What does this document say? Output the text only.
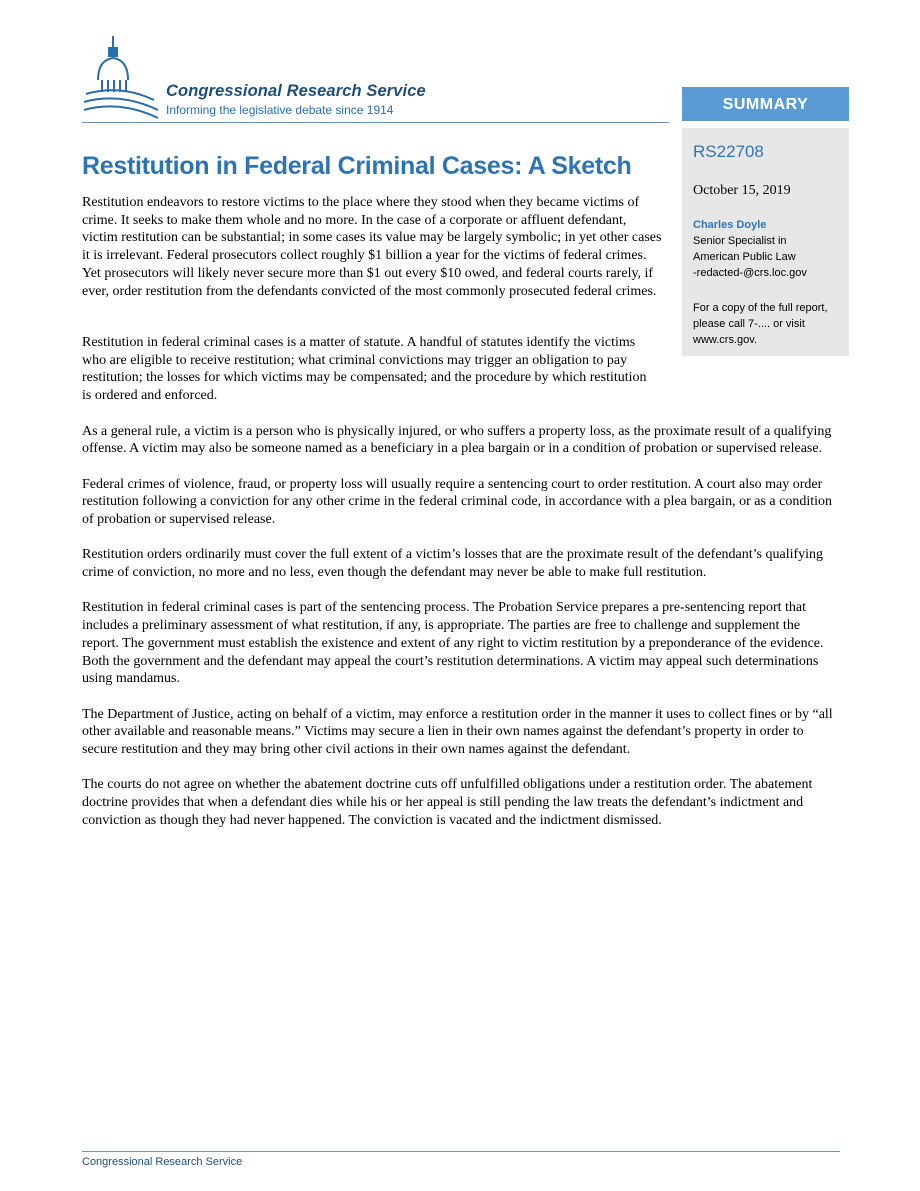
Congressional Research Service
Informing the legislative debate since 1914	SUMMARY
RS22708
October 15, 2019
Charles Doyle
Senior Specialist in
American Public Law
-redacted-@crs.loc.gov
For a copy of the full report, please call 7-.... or visit www.crs.gov.
Restitution in Federal Criminal Cases: A Sketch

Restitution endeavors to restore victims to the place where they stood when they became victims of crime. It seeks to make them whole and no more. In the case of a corporate or affluent defendant, victim restitution can be substantial; in some cases its value may be largely symbolic; in yet other cases it is irrelevant. Federal prosecutors collect roughly $1 billion a year for the victims of federal crimes. Yet prosecutors will likely never secure more than $1 out every $10 owed, and federal courts rarely, if ever, order restitution from the defendants convicted of the most commonly prosecuted federal crimes.

Restitution in federal criminal cases is a matter of statute. A handful of statutes identify the victims who are eligible to receive restitution; what criminal convictions may trigger an obligation to pay restitution; the losses for which victims may be compensated; and the procedure by which restitution is ordered and enforced.

As a general rule, a victim is a person who is physically injured, or who suffers a property loss, as the proximate result of a qualifying offense. A victim may also be someone named as a beneficiary in a plea bargain or in a condition of probation or supervised release.

Federal crimes of violence, fraud, or property loss will usually require a sentencing court to order restitution. A court also may order restitution following a conviction for any other crime in the federal criminal code, in accordance with a plea bargain, or as a condition of probation or supervised release.

Restitution orders ordinarily must cover the full extent of a victim’s losses that are the proximate result of the defendant’s qualifying crime of conviction, no more and no less, even though the defendant may never be able to make full restitution.

Restitution in federal criminal cases is part of the sentencing process. The Probation Service prepares a pre-sentencing report that includes a preliminary assessment of what restitution, if any, is appropriate. The parties are free to challenge and supplement the report. The government must establish the existence and extent of any right to victim restitution by a preponderance of the evidence. Both the government and the defendant may appeal the court’s restitution determinations. A victim may appeal such determinations using mandamus.

The Department of Justice, acting on behalf of a victim, may enforce a restitution order in the manner it uses to collect fines or by “all other available and reasonable means.” Victims may secure a lien in their own names against the defendant’s property in order to secure restitution and they may bring other civil actions in their own names against the defendant.

The courts do not agree on whether the abatement doctrine cuts off unfulfilled obligations under a restitution order. The abatement doctrine provides that when a defendant dies while his or her appeal is still pending the law treats the defendant’s indictment and conviction as though they had never happened. The conviction is vacated and the indictment dismissed.

Congressional Research Service
